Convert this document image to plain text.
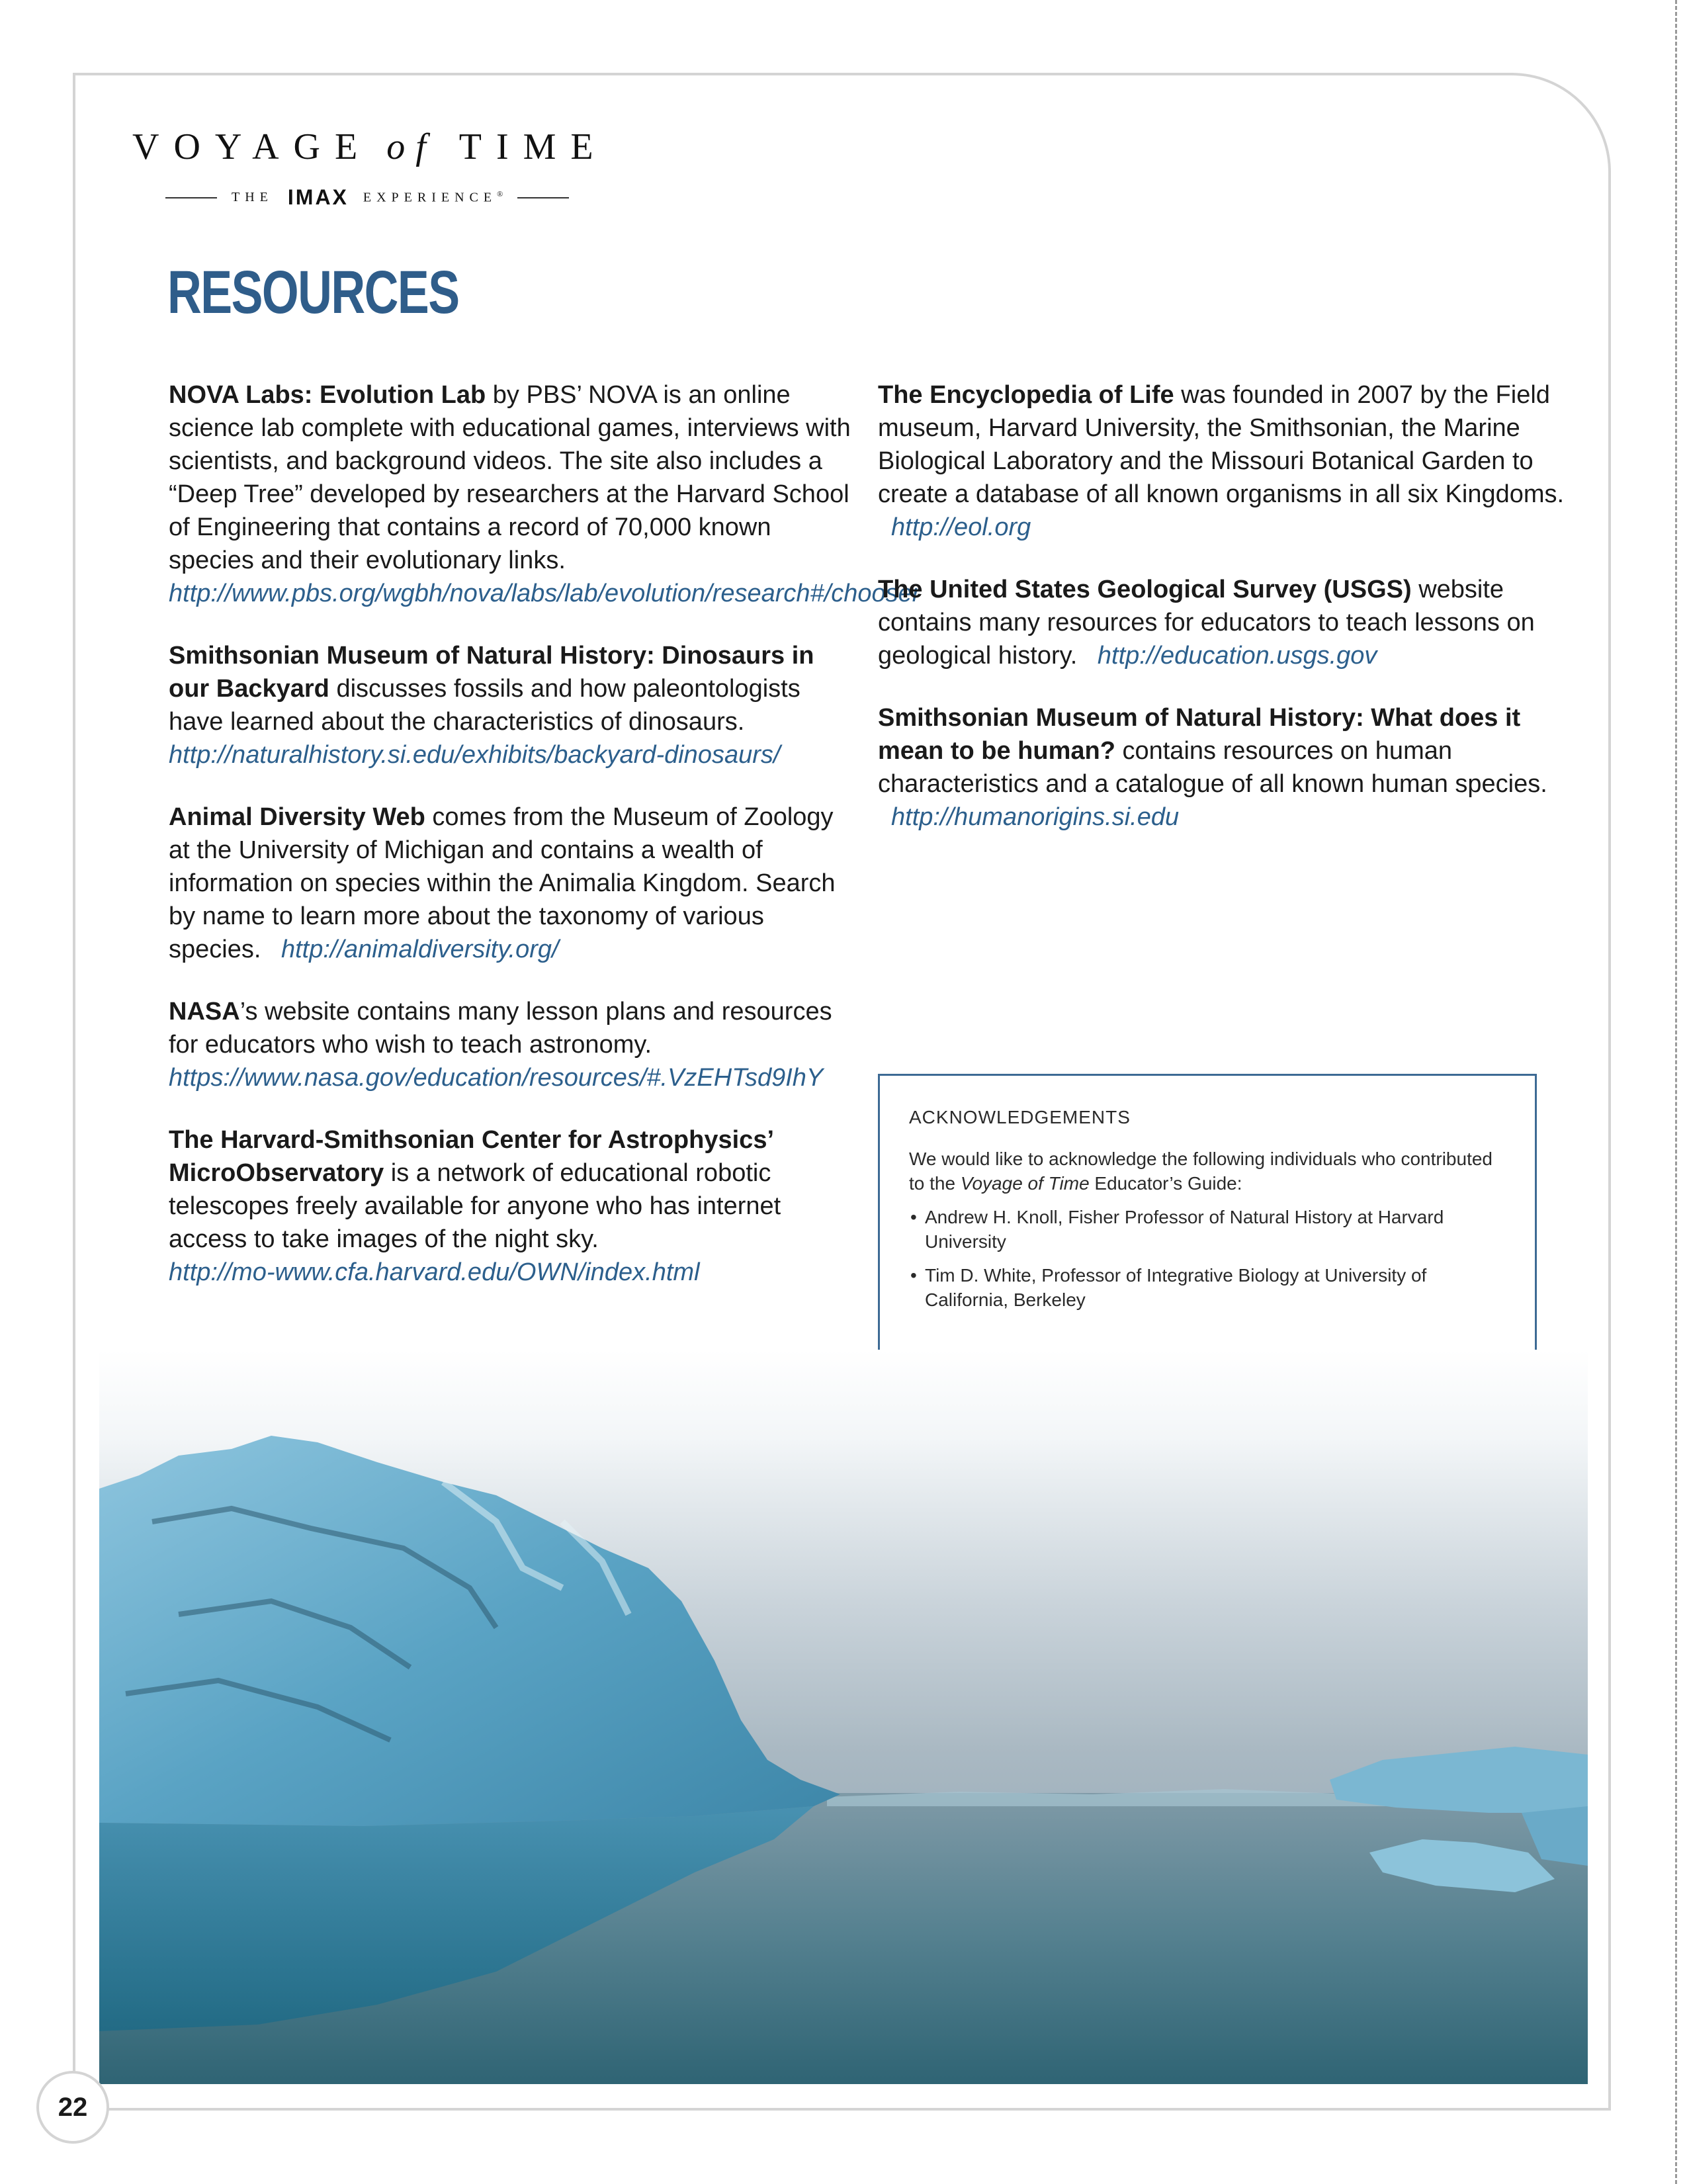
VOYAGE of TIME
THE IMAX EXPERIENCE®
RESOURCES
NOVA Labs: Evolution Lab by PBS’ NOVA is an online science lab complete with educational games, interviews with scientists, and background videos. The site also includes a “Deep Tree” developed by researchers at the Harvard School of Engineering that contains a record of 70,000 known species and their evolutionary links.
http://www.pbs.org/wgbh/nova/labs/lab/evolution/research#/chooser
Smithsonian Museum of Natural History: Dinosaurs in our Backyard discusses fossils and how paleontologists have learned about the characteristics of dinosaurs.
http://naturalhistory.si.edu/exhibits/backyard-dinosaurs/
Animal Diversity Web comes from the Museum of Zoology at the University of Michigan and contains a wealth of information on species within the Animalia Kingdom. Search by name to learn more about the taxonomy of various species. http://animaldiversity.org/
NASA’s website contains many lesson plans and resources for educators who wish to teach astronomy.
https://www.nasa.gov/education/resources/#.VzEHTsd9IhY
The Harvard-Smithsonian Center for Astrophysics’ MicroObservatory is a network of educational robotic telescopes freely available for anyone who has internet access to take images of the night sky.
http://mo-www.cfa.harvard.edu/OWN/index.html
The Encyclopedia of Life was founded in 2007 by the Field museum, Harvard University, the Smithsonian, the Marine Biological Laboratory and the Missouri Botanical Garden to create a database of all known organisms in all six Kingdoms. http://eol.org
The United States Geological Survey (USGS) website contains many resources for educators to teach lessons on geological history. http://education.usgs.gov
Smithsonian Museum of Natural History: What does it mean to be human? contains resources on human characteristics and a catalogue of all known human species. http://humanorigins.si.edu
ACKNOWLEDGEMENTS
We would like to acknowledge the following individuals who contributed to the Voyage of Time Educator’s Guide:
• Andrew H. Knoll, Fisher Professor of Natural History at Harvard University
• Tim D. White, Professor of Integrative Biology at University of California, Berkeley
22
